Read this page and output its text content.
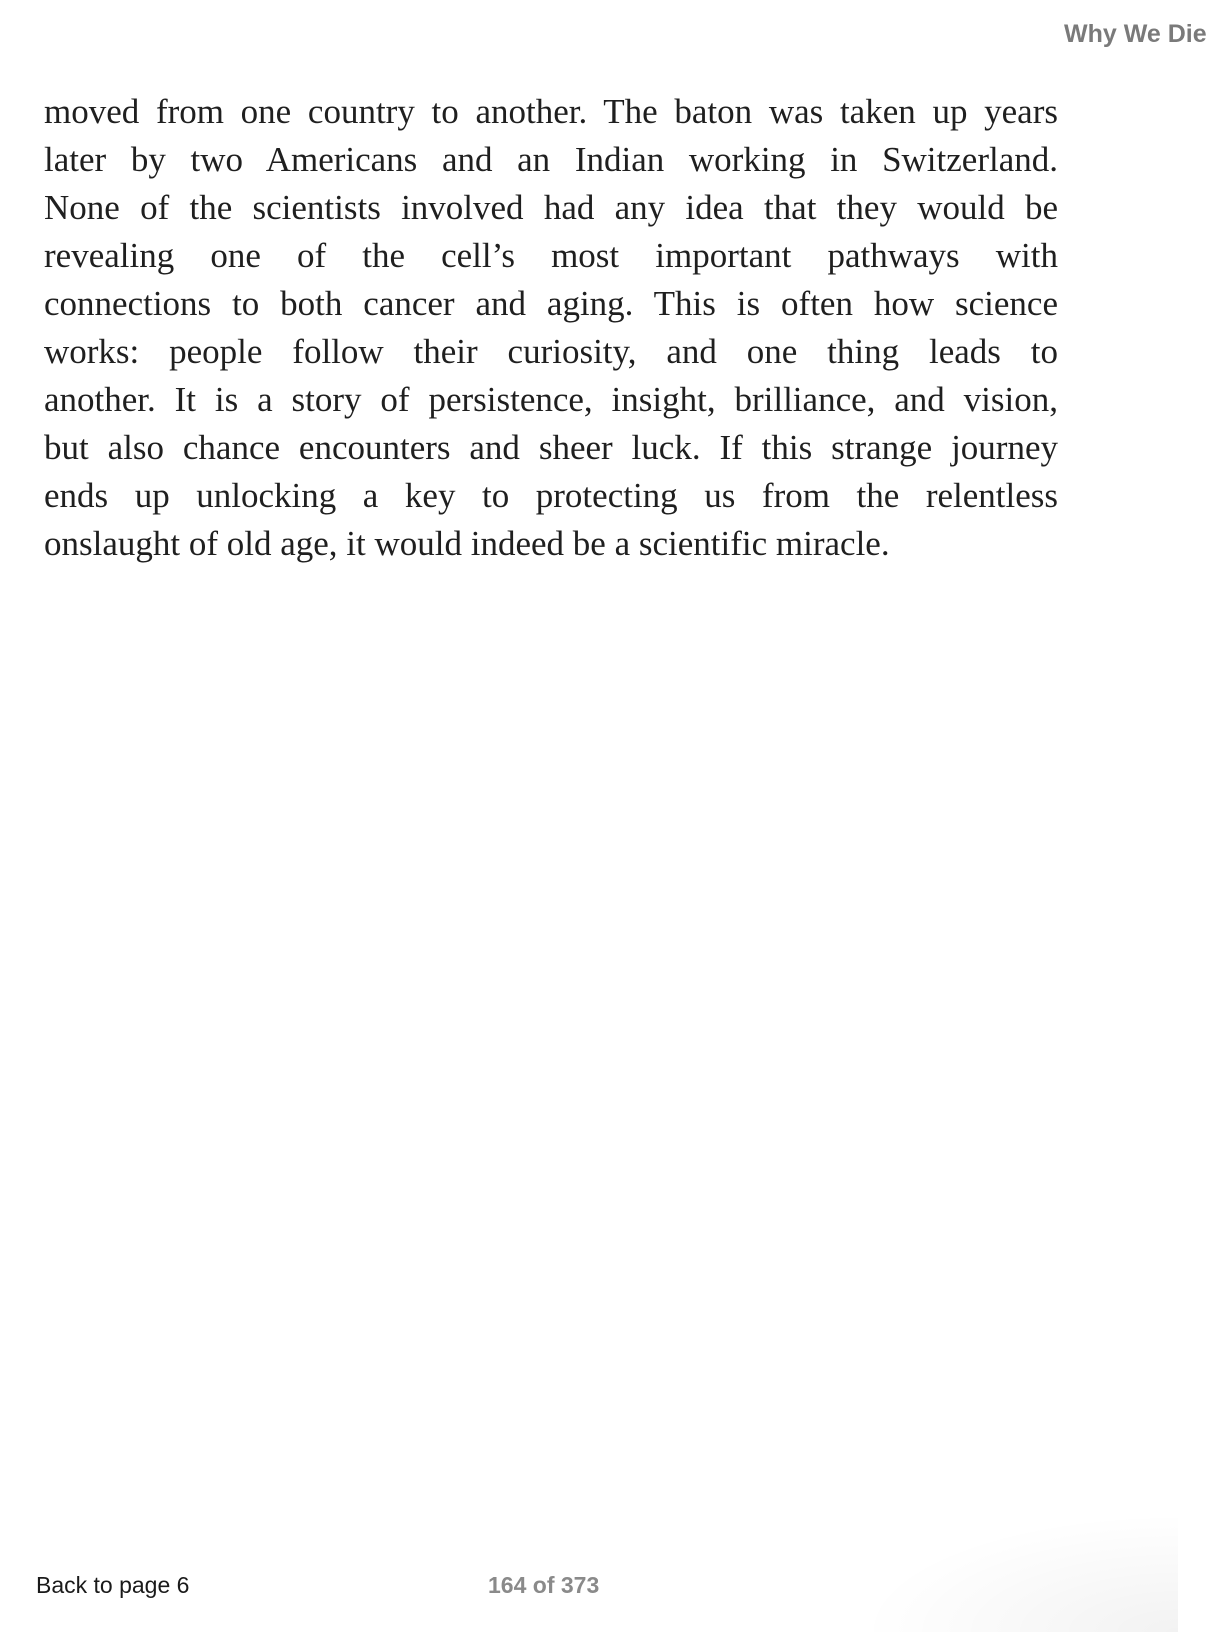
Why We Die
moved from one country to another. The baton was taken up years
later by two Americans and an Indian working in Switzerland.
None of the scientists involved had any idea that they would be
revealing one of the cell’s most important pathways with
connections to both cancer and aging. This is often how science
works: people follow their curiosity, and one thing leads to
another. It is a story of persistence, insight, brilliance, and vision,
but also chance encounters and sheer luck. If this strange journey
ends up unlocking a key to protecting us from the relentless
onslaught of old age, it would indeed be a scientific miracle.
Back to page 6	164 of 373
